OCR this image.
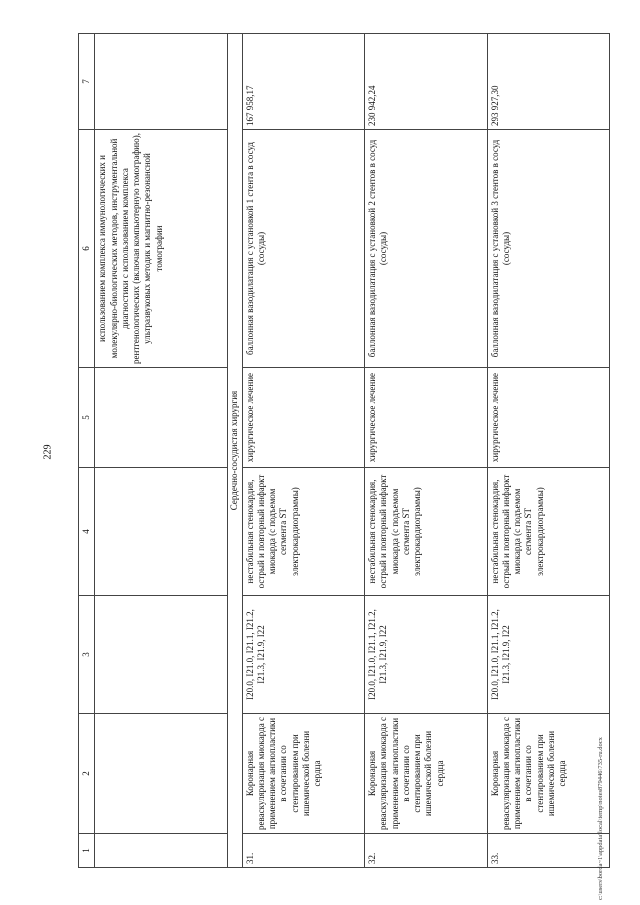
229
1	2	3	4	5	6	7
					использованием комплекса иммунологических и молекулярно-биологических методов, инструментальной диагностики с использованием комплекса рентгенологических (включая компьютерную томографию), ультразвуковых методик и магнитно-резонансной томографии	
Сердечно-сосудистая хирургия						
31.	Коронарная реваскуляризация миокарда с применением ангиопластики в сочетании со стентированием при ишемической болезни сердца	I20.0, I21.0, I21.1, I21.2, I21.3, I21.9, I22	нестабильная стенокардия, острый и повторный инфаркт миокарда (с подъемом сегмента ST электрокардиограммы)	хирургическое лечение	баллонная вазодилатация с установкой 1 стента в сосуд (сосуды)	167 958,17
32.	Коронарная реваскуляризация миокарда с применением ангиопластики в сочетании со стентированием при ишемической болезни сердца	I20.0, I21.0, I21.1, I21.2, I21.3, I21.9, I22	нестабильная стенокардия, острый и повторный инфаркт миокарда (с подъемом сегмента ST электрокардиограммы)	хирургическое лечение	баллонная вазодилатация с установкой 2 стентов в сосуд (сосуды)	230 942,24
33.	Коронарная реваскуляризация миокарда с применением ангиопластики в сочетании со стентированием при ишемической болезни сердца	I20.0, I21.0, I21.1, I21.2, I21.3, I21.9, I22	нестабильная стенокардия, острый и повторный инфаркт миокарда (с подъемом сегмента ST электрокардиограммы)	хирургическое лечение	баллонная вазодилатация с установкой 3 стентов в сосуд (сосуды)	293 927,30
c:\users\borda~1\appdata\local\temp\notes879446\735-ru.docx
